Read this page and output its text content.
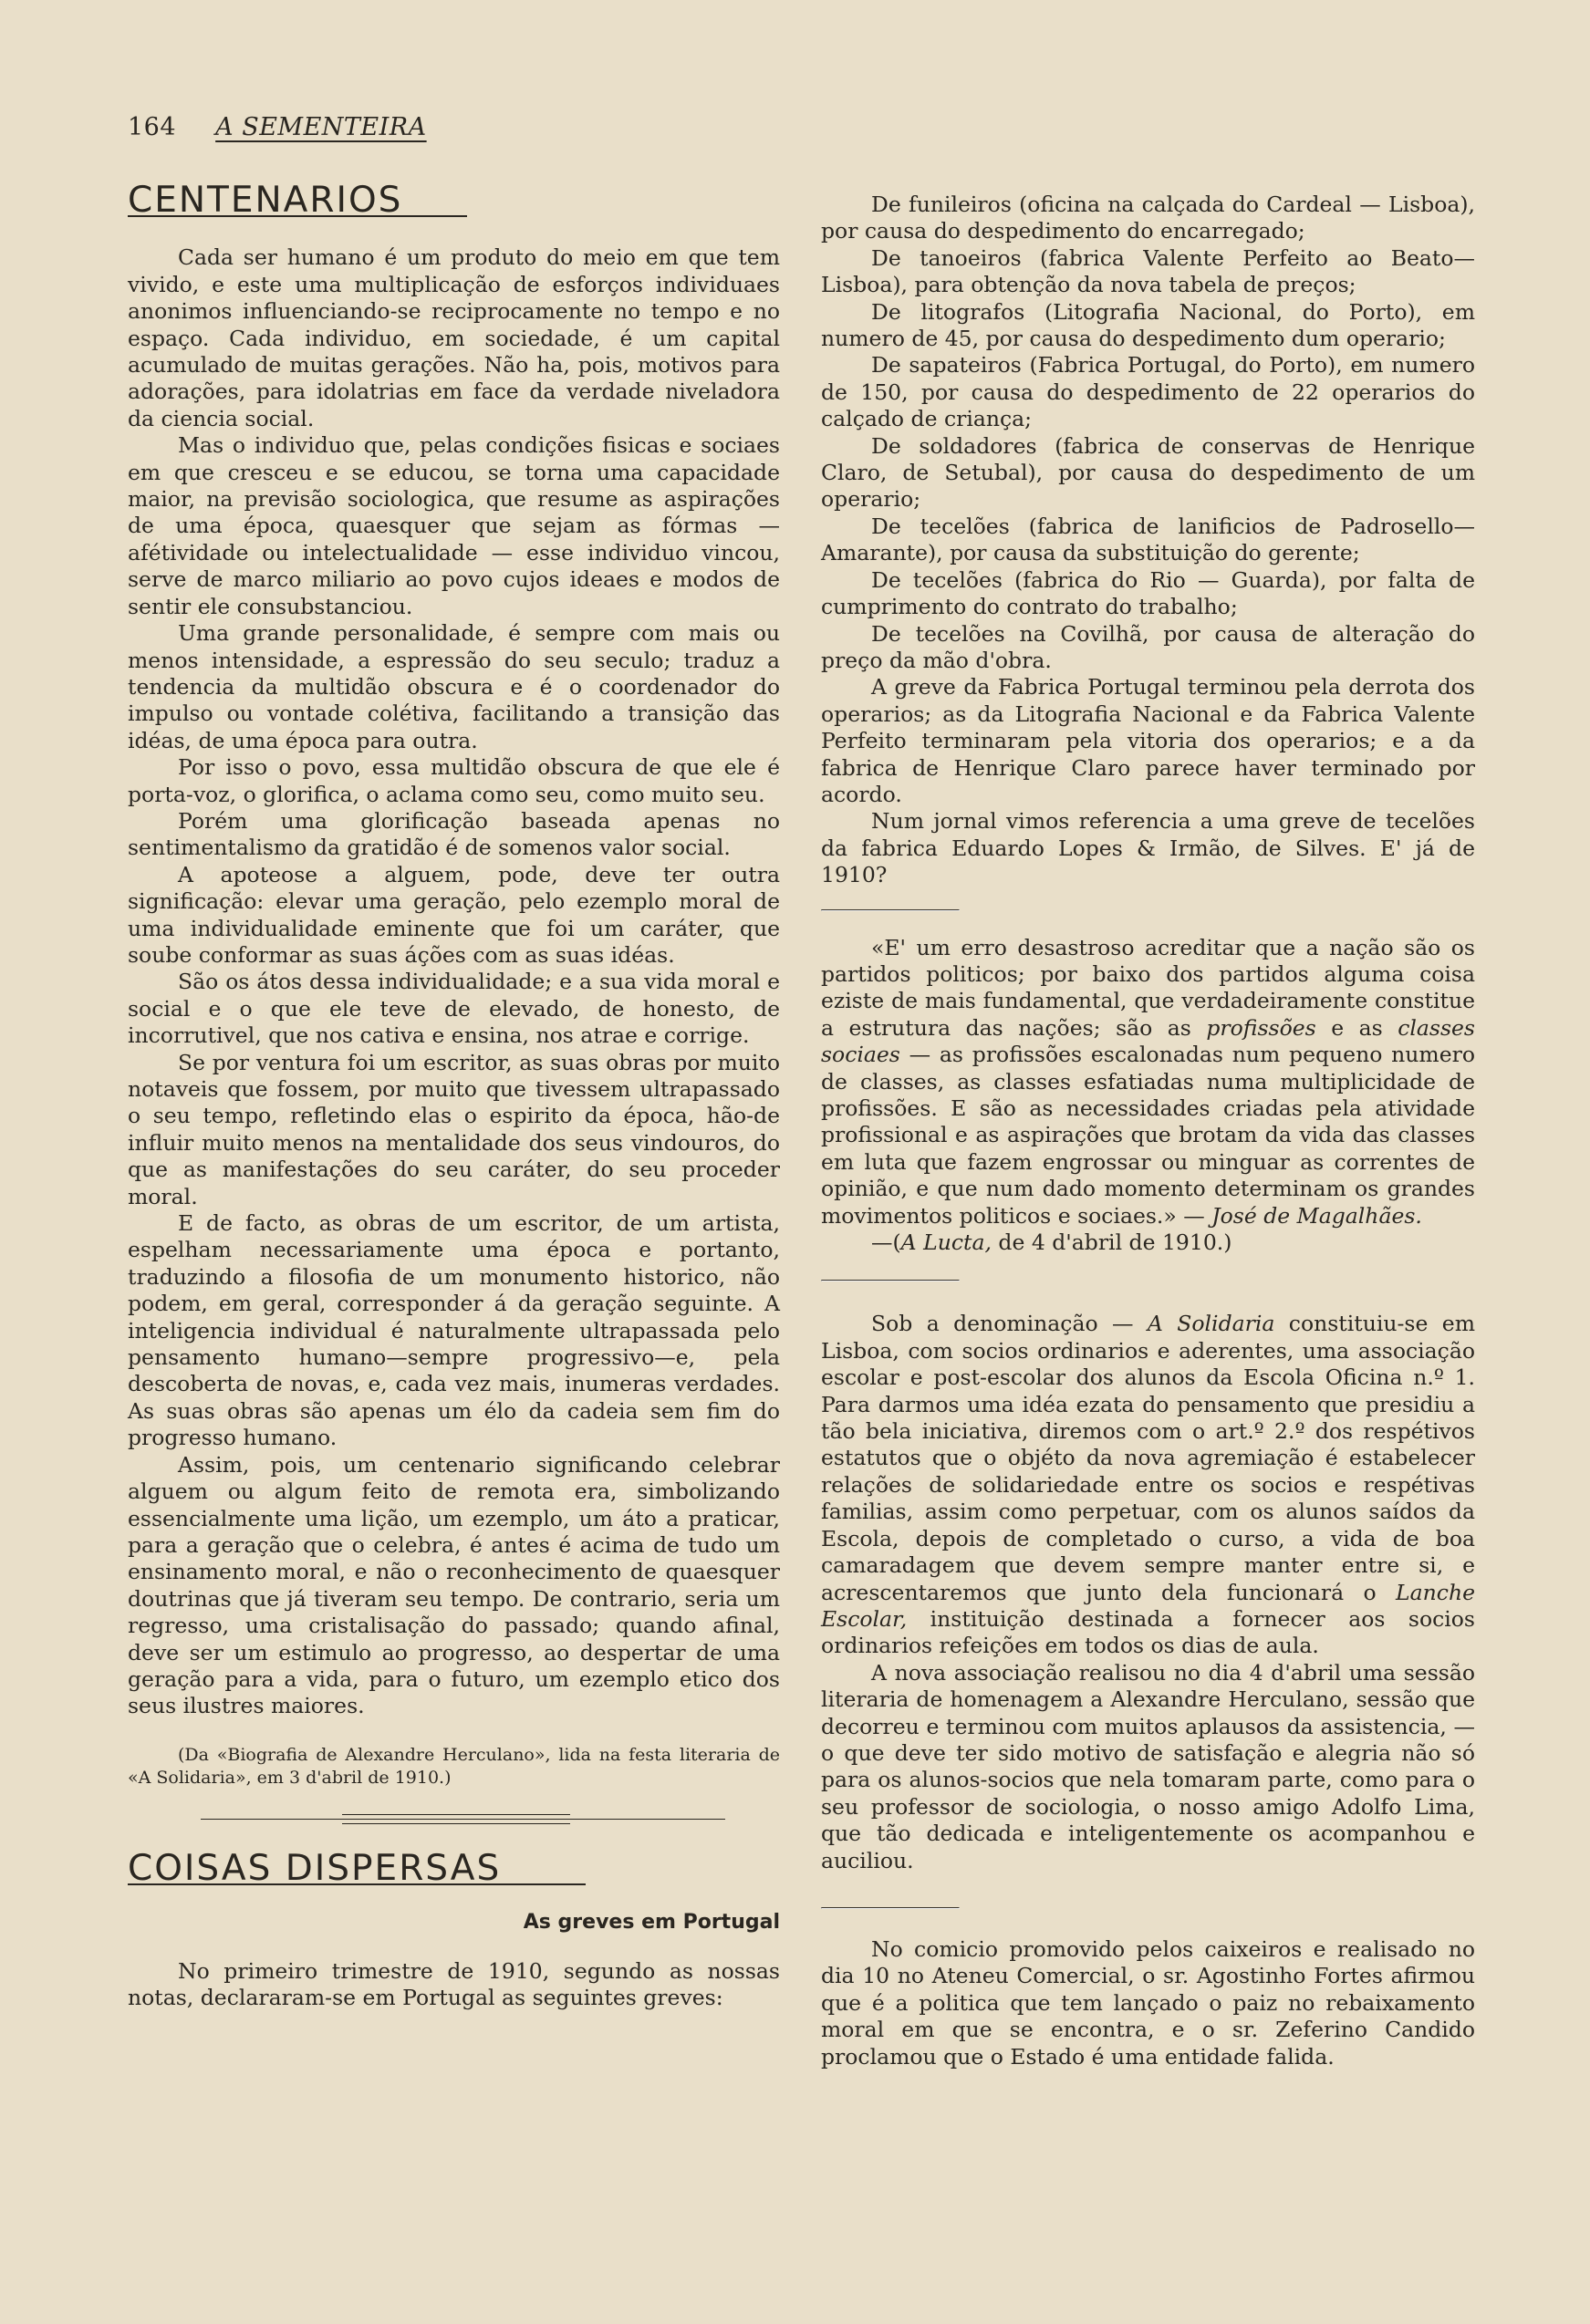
164 A SEMENTEIRA
CENTENARIOS

Cada ser humano é um produto do meio em que tem vivido, e este uma multiplicação de esforços individuaes anonimos influenciando-se reciprocamente no tempo e no espaço. Cada individuo, em sociedade, é um capital acumulado de muitas gerações. Não ha, pois, motivos para adorações, para idolatrias em face da verdade niveladora da ciencia social.

Mas o individuo que, pelas condições fisicas e sociaes em que cresceu e se educou, se torna uma capacidade maior, na previsão sociologica, que resume as aspirações de uma época, quaesquer que sejam as fórmas — afétividade ou intelectualidade — esse individuo vincou, serve de marco miliario ao povo cujos ideaes e modos de sentir ele consubstanciou.

Uma grande personalidade, é sempre com mais ou menos intensidade, a espressão do seu seculo; traduz a tendencia da multidão obscura e é o coordenador do impulso ou vontade colétiva, facilitando a transição das idéas, de uma época para outra.

Por isso o povo, essa multidão obscura de que ele é porta-voz, o glorifica, o aclama como seu, como muito seu.

Porém uma glorificação baseada apenas no sentimentalismo da gratidão é de somenos valor social.

A apoteose a alguem, pode, deve ter outra significação: elevar uma geração, pelo ezemplo moral de uma individualidade eminente que foi um caráter, que soube conformar as suas áções com as suas idéas.

São os átos dessa individualidade; e a sua vida moral e social e o que ele teve de elevado, de honesto, de incorrutivel, que nos cativa e ensina, nos atrae e corrige.

Se por ventura foi um escritor, as suas obras por muito notaveis que fossem, por muito que tivessem ultrapassado o seu tempo, refletindo elas o espirito da época, hão-de influir muito menos na mentalidade dos seus vindouros, do que as manifestações do seu caráter, do seu proceder moral.

E de facto, as obras de um escritor, de um artista, espelham necessariamente uma época e portanto, traduzindo a filosofia de um monumento historico, não podem, em geral, corresponder á da geração seguinte. A inteligencia individual é naturalmente ultrapassada pelo pensamento humano—sempre progressivo—e, pela descoberta de novas, e, cada vez mais, inumeras verdades. As suas obras são apenas um élo da cadeia sem fim do progresso humano.

Assim, pois, um centenario significando celebrar alguem ou algum feito de remota era, simbolizando essencialmente uma lição, um ezemplo, um áto a praticar, para a geração que o celebra, é antes é acima de tudo um ensinamento moral, e não o reconhecimento de quaesquer doutrinas que já tiveram seu tempo. De contrario, seria um regresso, uma cristalisação do passado; quando afinal, deve ser um estimulo ao progresso, ao despertar de uma geração para a vida, para o futuro, um ezemplo etico dos seus ilustres maiores.

(Da «Biografia de Alexandre Herculano», lida na festa literaria de «A Solidaria», em 3 d'abril de 1910.)

COISAS DISPERSAS
As greves em Portugal

No primeiro trimestre de 1910, segundo as nossas notas, declararam-se em Portugal as seguintes greves:

De funileiros (oficina na calçada do Cardeal — Lisboa), por causa do despedimento do encarregado;

De tanoeiros (fabrica Valente Perfeito ao Beato—Lisboa), para obtenção da nova tabela de preços;

De litografos (Litografia Nacional, do Porto), em numero de 45, por causa do despedimento dum operario;

De sapateiros (Fabrica Portugal, do Porto), em numero de 150, por causa do despedimento de 22 operarios do calçado de criança;

De soldadores (fabrica de conservas de Henrique Claro, de Setubal), por causa do despedimento de um operario;

De tecelões (fabrica de lanificios de Padrosello—Amarante), por causa da substituição do gerente;

De tecelões (fabrica do Rio — Guarda), por falta de cumprimento do contrato do trabalho;

De tecelões na Covilhã, por causa de alteração do preço da mão d'obra.

A greve da Fabrica Portugal terminou pela derrota dos operarios; as da Litografia Nacional e da Fabrica Valente Perfeito terminaram pela vitoria dos operarios; e a da fabrica de Henrique Claro parece haver terminado por acordo.

Num jornal vimos referencia a uma greve de tecelões da fabrica Eduardo Lopes & Irmão, de Silves. E' já de 1910?

«E' um erro desastroso acreditar que a nação são os partidos politicos; por baixo dos partidos alguma coisa eziste de mais fundamental, que verdadeiramente constitue a estrutura das nações; são as profissões e as classes sociaes — as profissões escalonadas num pequeno numero de classes, as classes esfatiadas numa multiplicidade de profissões. E são as necessidades criadas pela atividade profissional e as aspirações que brotam da vida das classes em luta que fazem engrossar ou minguar as correntes de opinião, e que num dado momento determinam os grandes movimentos politicos e sociaes.» — José de Magalhães.

—(A Lucta, de 4 d'abril de 1910.)

Sob a denominação — A Solidaria constituiu-se em Lisboa, com socios ordinarios e aderentes, uma associação escolar e post-escolar dos alunos da Escola Oficina n.º 1. Para darmos uma idéa ezata do pensamento que presidiu a tão bela iniciativa, diremos com o art.º 2.º dos respétivos estatutos que o objéto da nova agremiação é estabelecer relações de solidariedade entre os socios e respétivas familias, assim como perpetuar, com os alunos saídos da Escola, depois de completado o curso, a vida de boa camaradagem que devem sempre manter entre si, e acrescentaremos que junto dela funcionará o Lanche Escolar, instituição destinada a fornecer aos socios ordinarios refeições em todos os dias de aula.

A nova associação realisou no dia 4 d'abril uma sessão literaria de homenagem a Alexandre Herculano, sessão que decorreu e terminou com muitos aplausos da assistencia, — o que deve ter sido motivo de satisfação e alegria não só para os alunos-socios que nela tomaram parte, como para o seu professor de sociologia, o nosso amigo Adolfo Lima, que tão dedicada e inteligentemente os acompanhou e auciliou.

No comicio promovido pelos caixeiros e realisado no dia 10 no Ateneu Comercial, o sr. Agostinho Fortes afirmou que é a politica que tem lançado o paiz no rebaixamento moral em que se encontra, e o sr. Zeferino Candido proclamou que o Estado é uma entidade falida.
